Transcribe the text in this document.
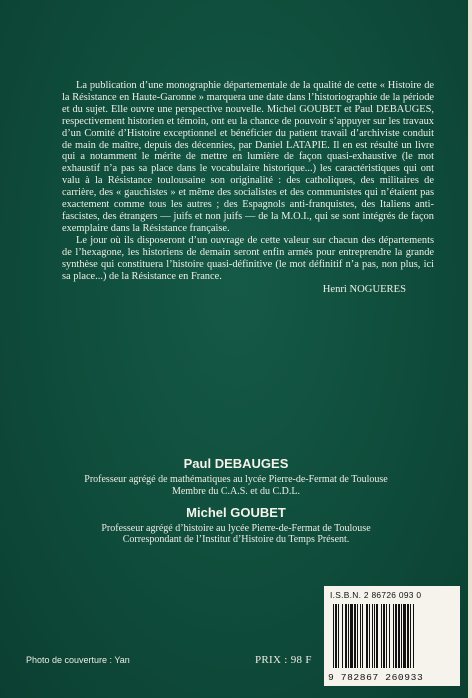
La publication d’une monographie départementale de la qualité de cette « Histoire de la Résistance en Haute-Garonne » marquera une date dans l’historiographie de la période et du sujet. Elle ouvre une perspective nouvelle. Michel GOUBET et Paul DEBAUGES, respectivement historien et témoin, ont eu la chance de pouvoir s’appuyer sur les travaux d’un Comité d’Histoire exceptionnel et bénéficier du patient travail d’archiviste conduit de main de maître, depuis des décennies, par Daniel LATAPIE. Il en est résulté un livre qui a notamment le mérite de mettre en lumière de façon quasi-exhaustive (le mot exhaustif n’a pas sa place dans le vocabulaire historique...) les caractéristiques qui ont valu à la Résistance toulousaine son originalité : des catholiques, des militaires de carrière, des « gauchistes » et même des socialistes et des communistes qui n’étaient pas exactement comme tous les autres ; des Espagnols anti-franquistes, des Italiens anti-fascistes, des étrangers — juifs et non juifs — de la M.O.I., qui se sont intégrés de façon exemplaire dans la Résistance française.

Le jour où ils disposeront d’un ouvrage de cette valeur sur chacun des départements de l’hexagone, les historiens de demain seront enfin armés pour entreprendre la grande synthèse qui constituera l’histoire quasi-définitive (le mot définitif n’a pas, non plus, ici sa place...) de la Résistance en France.

Henri NOGUERES

Paul DEBAUGES

Professeur agrégé de mathématiques au lycée Pierre-de-Fermat de Toulouse

Membre du C.A.S. et du C.D.L.

Michel GOUBET

Professeur agrégé d’histoire au lycée Pierre-de-Fermat de Toulouse

Correspondant de l’Institut d’Histoire du Temps Présent.

Photo de couverture : Yan	PRIX : 98 F
I.S.B.N. 2 86726 093 0
9 782867 260933
